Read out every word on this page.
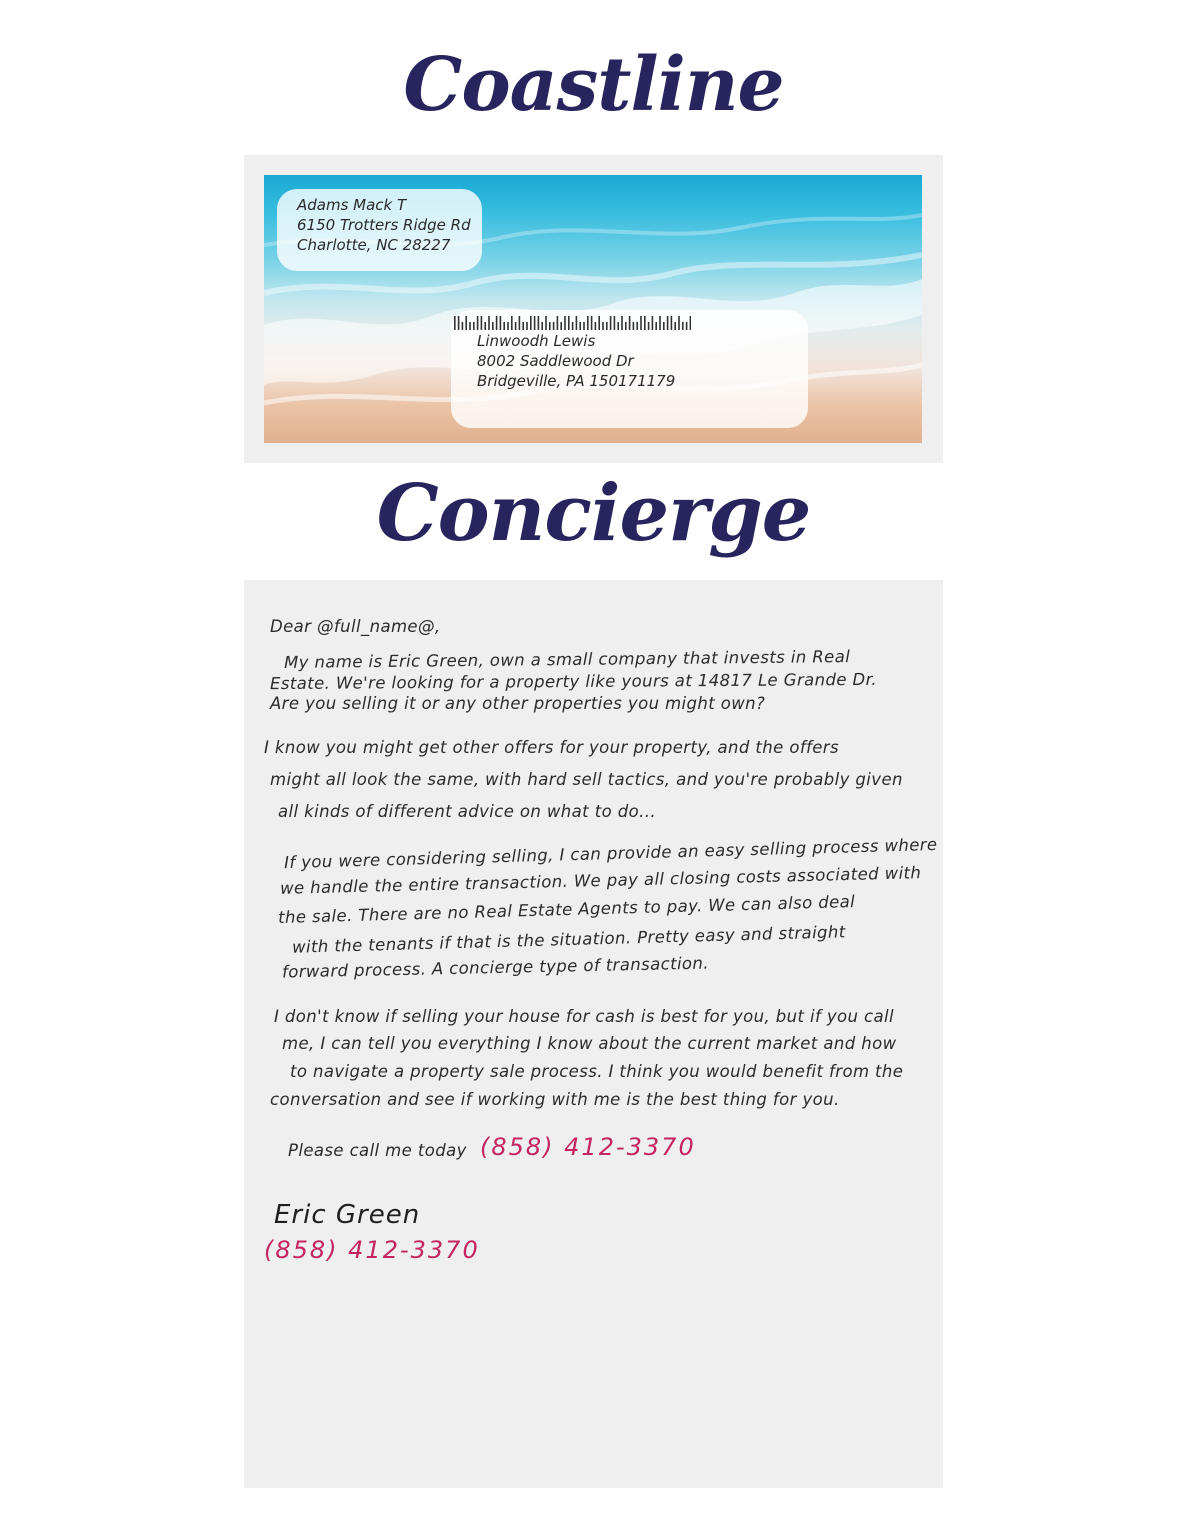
Coastline
Adams Mack T
6150 Trotters Ridge Rd
Charlotte, NC 28227
Linwoodh Lewis
8002 Saddlewood Dr
Bridgeville, PA 150171179
Concierge
Dear @full_name@,
My name is Eric Green, own a small company that invests in Real
Estate. We're looking for a property like yours at 14817 Le Grande Dr.
Are you selling it or any other properties you might own?
I know you might get other offers for your property, and the offers
might all look the same, with hard sell tactics, and you're probably given
all kinds of different advice on what to do...
If you were considering selling, I can provide an easy selling process where
we handle the entire transaction. We pay all closing costs associated with
the sale. There are no Real Estate Agents to pay. We can also deal
with the tenants if that is the situation. Pretty easy and straight
forward process. A concierge type of transaction.
I don't know if selling your house for cash is best for you, but if you call
me, I can tell you everything I know about the current market and how
to navigate a property sale process. I think you would benefit from the
conversation and see if working with me is the best thing for you.
Please call me today (858) 412-3370
Eric Green
(858) 412-3370
